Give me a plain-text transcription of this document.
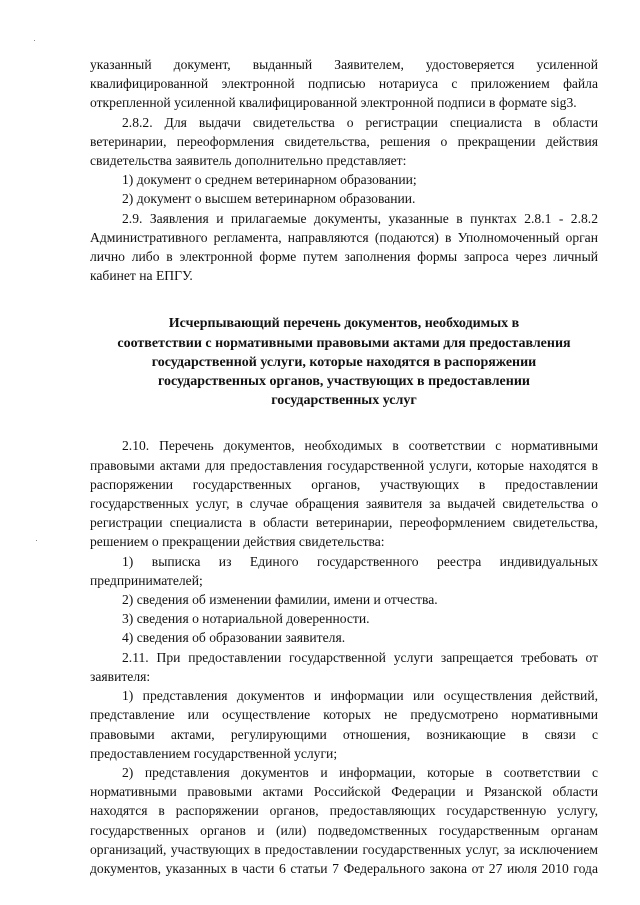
указанный документ, выданный Заявителем, удостоверяется усиленной квалифицированной электронной подписью нотариуса с приложением файла открепленной усиленной квалифицированной электронной подписи в формате sig3.

2.8.2. Для выдачи свидетельства о регистрации специалиста в области ветеринарии, переоформления свидетельства, решения о прекращении действия свидетельства заявитель дополнительно представляет:

1) документ о среднем ветеринарном образовании;

2) документ о высшем ветеринарном образовании.

2.9. Заявления и прилагаемые документы, указанные в пунктах 2.8.1 - 2.8.2 Административного регламента, направляются (подаются) в Уполномоченный орган лично либо в электронной форме путем заполнения формы запроса через личный кабинет на ЕПГУ.

Исчерпывающий перечень документов, необходимых в
соответствии с нормативными правовыми актами для предоставления
государственной услуги, которые находятся в распоряжении
государственных органов, участвующих в предоставлении
государственных услуг

2.10. Перечень документов, необходимых в соответствии с нормативными правовыми актами для предоставления государственной услуги, которые находятся в распоряжении государственных органов, участвующих в предоставлении государственных услуг, в случае обращения заявителя за выдачей свидетельства о регистрации специалиста в области ветеринарии, переоформлением свидетельства, решением о прекращении действия свидетельства:

1) выписка из Единого государственного реестра индивидуальных предпринимателей;

2) сведения об изменении фамилии, имени и отчества.

3) сведения о нотариальной доверенности.

4) сведения об образовании заявителя.

2.11. При предоставлении государственной услуги запрещается требовать от заявителя:

1) представления документов и информации или осуществления действий, представление или осуществление которых не предусмотрено нормативными правовыми актами, регулирующими отношения, возникающие в связи с предоставлением государственной услуги;

2) представления документов и информации, которые в соответствии с нормативными правовыми актами Российской Федерации и Рязанской области находятся в распоряжении органов, предоставляющих государственную услугу, государственных органов и (или) подведомственных государственным органам организаций, участвующих в предоставлении государственных услуг, за исключением документов, указанных в части 6 статьи 7 Федерального закона от 27 июля 2010 года
